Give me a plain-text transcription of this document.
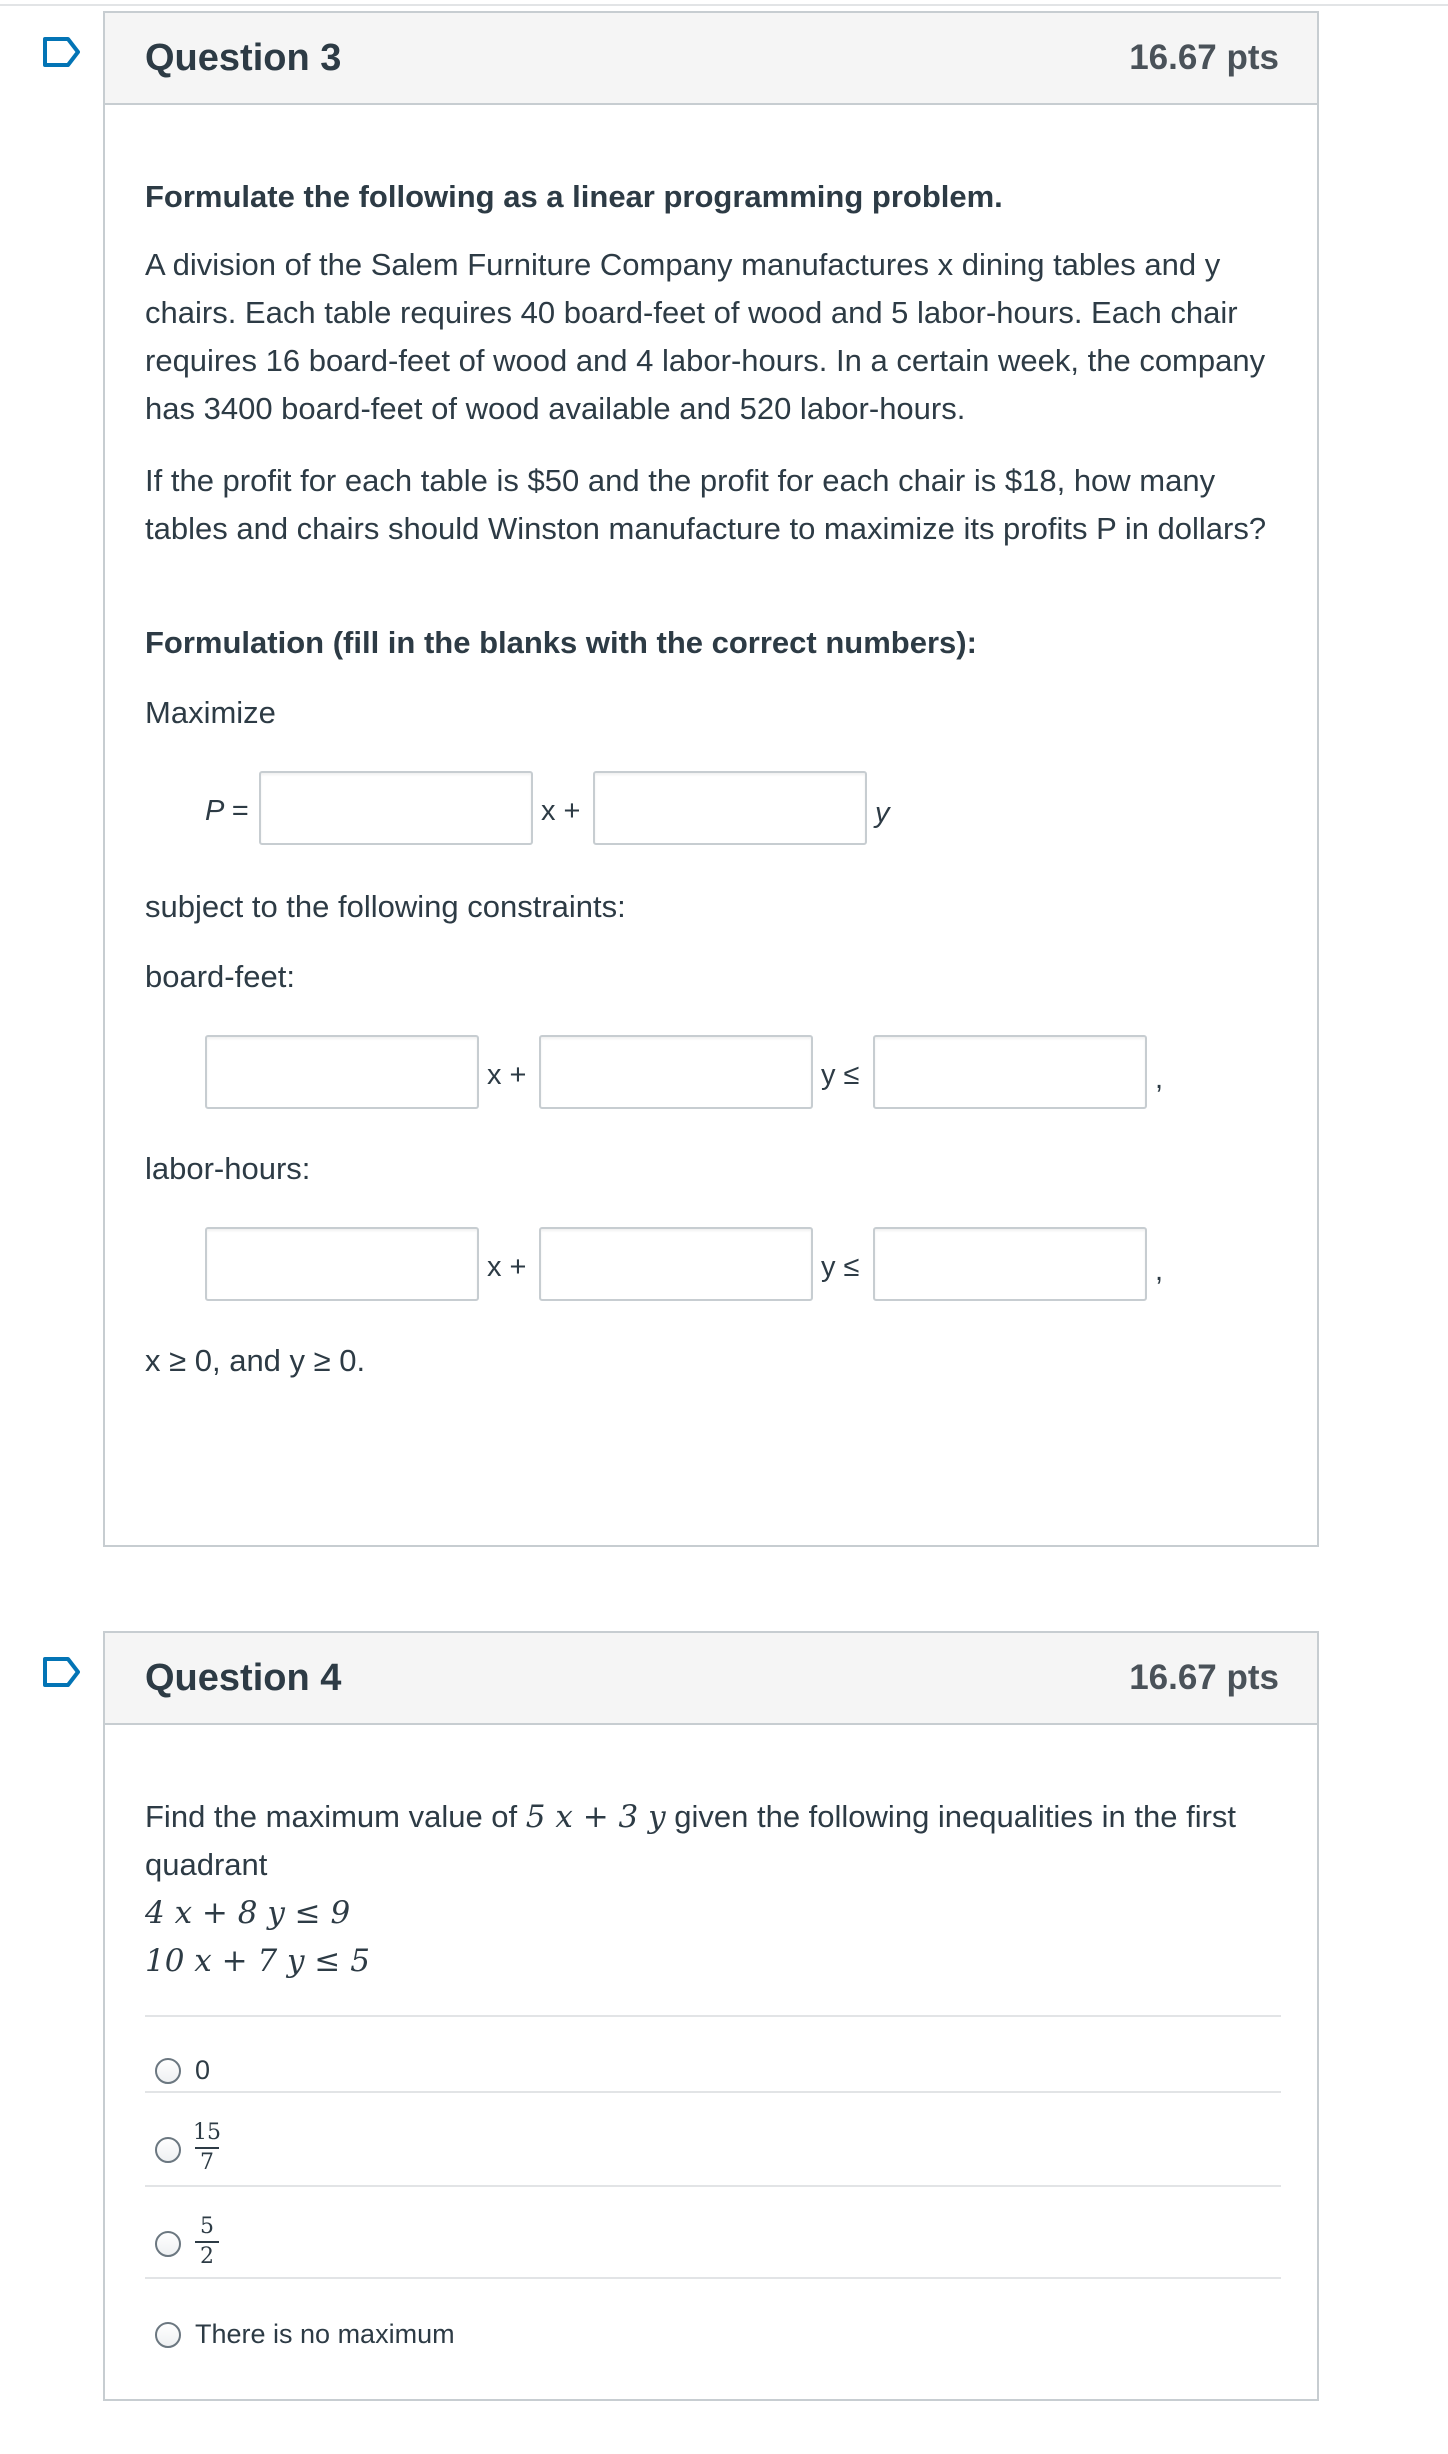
Question 3	16.67 pts

Formulate the following as a linear programming problem.

A division of the Salem Furniture Company manufactures x dining tables and y chairs. Each table requires 40 board-feet of wood and 5 labor-hours. Each chair requires 16 board-feet of wood and 4 labor-hours. In a certain week, the company has 3400 board-feet of wood available and 520 labor-hours.

If the profit for each table is $50 and the profit for each chair is $18, how many tables and chairs should Winston manufacture to maximize its profits P in dollars?

Formulation (fill in the blanks with the correct numbers):

Maximize

P =	x +	y

subject to the following constraints:

board-feet:

x +	y ≤	,

labor-hours:

x +	y ≤	,

x ≥ 0, and y ≥ 0.

Question 4	16.67 pts

Find the maximum value of 5 x + 3 y given the following inequalities in the first quadrant

4 x + 8 y ≤ 9

10 x + 7 y ≤ 5

0
15
7
5
2
There is no maximum
